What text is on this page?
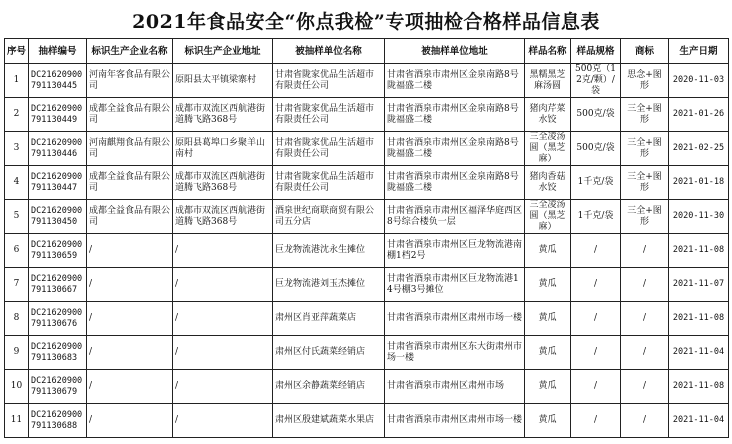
2021年食品安全“你点我检”专项抽检合格样品信息表
序号	抽样编号	标识生产企业名称	标识生产企业地址	被抽样单位名称	被抽样单位地址	样品名称	样品规格	商标	生产日期
1	DC21620900791130445	河南年客食品有限公司	原阳县太平镇梁寨村	甘肃省陇家优品生活超市有限责任公司	甘肃省酒泉市肃州区金泉南路8号陇福盛二楼	黑糯黑芝麻汤圆	500克（12克/颗）/袋	思念+图形	2020-11-03
2	DC21620900791130449	成都全益食品有限公司	成都市双流区西航港街道腾飞路368号	甘肃省陇家优品生活超市有限责任公司	甘肃省酒泉市肃州区金泉南路8号陇福盛二楼	猪肉芹菜水饺	500克/袋	三全+图形	2021-01-26
3	DC21620900791130446	河南麒翔食品有限公司	原阳县葛埠口乡聚羊山南村	甘肃省陇家优品生活超市有限责任公司	甘肃省酒泉市肃州区金泉南路8号陇福盛二楼	三全凌汤圆（黑芝麻）	500克/袋	三全+图形	2021-02-25
4	DC21620900791130447	成都全益食品有限公司	成都市双流区西航港街道腾飞路368号	甘肃省陇家优品生活超市有限责任公司	甘肃省酒泉市肃州区金泉南路8号陇福盛二楼	猪肉香菇水饺	1千克/袋	三全+图形	2021-01-18
5	DC21620900791130450	成都全益食品有限公司	成都市双流区西航港街道腾飞路368号	酒泉世纪商联商贸有限公司五分店	甘肃省酒泉市肃州区福泽华庭西区8号综合楼负一层	三全凌汤圆（黑芝麻）	1千克/袋	三全+图形	2020-11-30
6	DC21620900791130659	/	/	巨龙物流港沈永生摊位	甘肃省酒泉市肃州区巨龙物流港南棚1档2号	黄瓜	/	/	2021-11-08
7	DC21620900791130667	/	/	巨龙物流港刘玉杰摊位	甘肃省酒泉市肃州区巨龙物流港14号棚3号摊位	黄瓜	/	/	2021-11-07
8	DC21620900791130676	/	/	肃州区肖亚萍蔬菜店	甘肃省酒泉市肃州区肃州市场一楼	黄瓜	/	/	2021-11-08
9	DC21620900791130683	/	/	肃州区付氏蔬菜经销店	甘肃省酒泉市肃州区东大街肃州市场一楼	黄瓜	/	/	2021-11-04
10	DC21620900791130679	/	/	肃州区余静蔬菜经销店	甘肃省酒泉市肃州区肃州市场	黄瓜	/	/	2021-11-08
11	DC21620900791130688	/	/	肃州区殷建斌蔬菜水果店	甘肃省酒泉市肃州区肃州市场一楼	黄瓜	/	/	2021-11-04
